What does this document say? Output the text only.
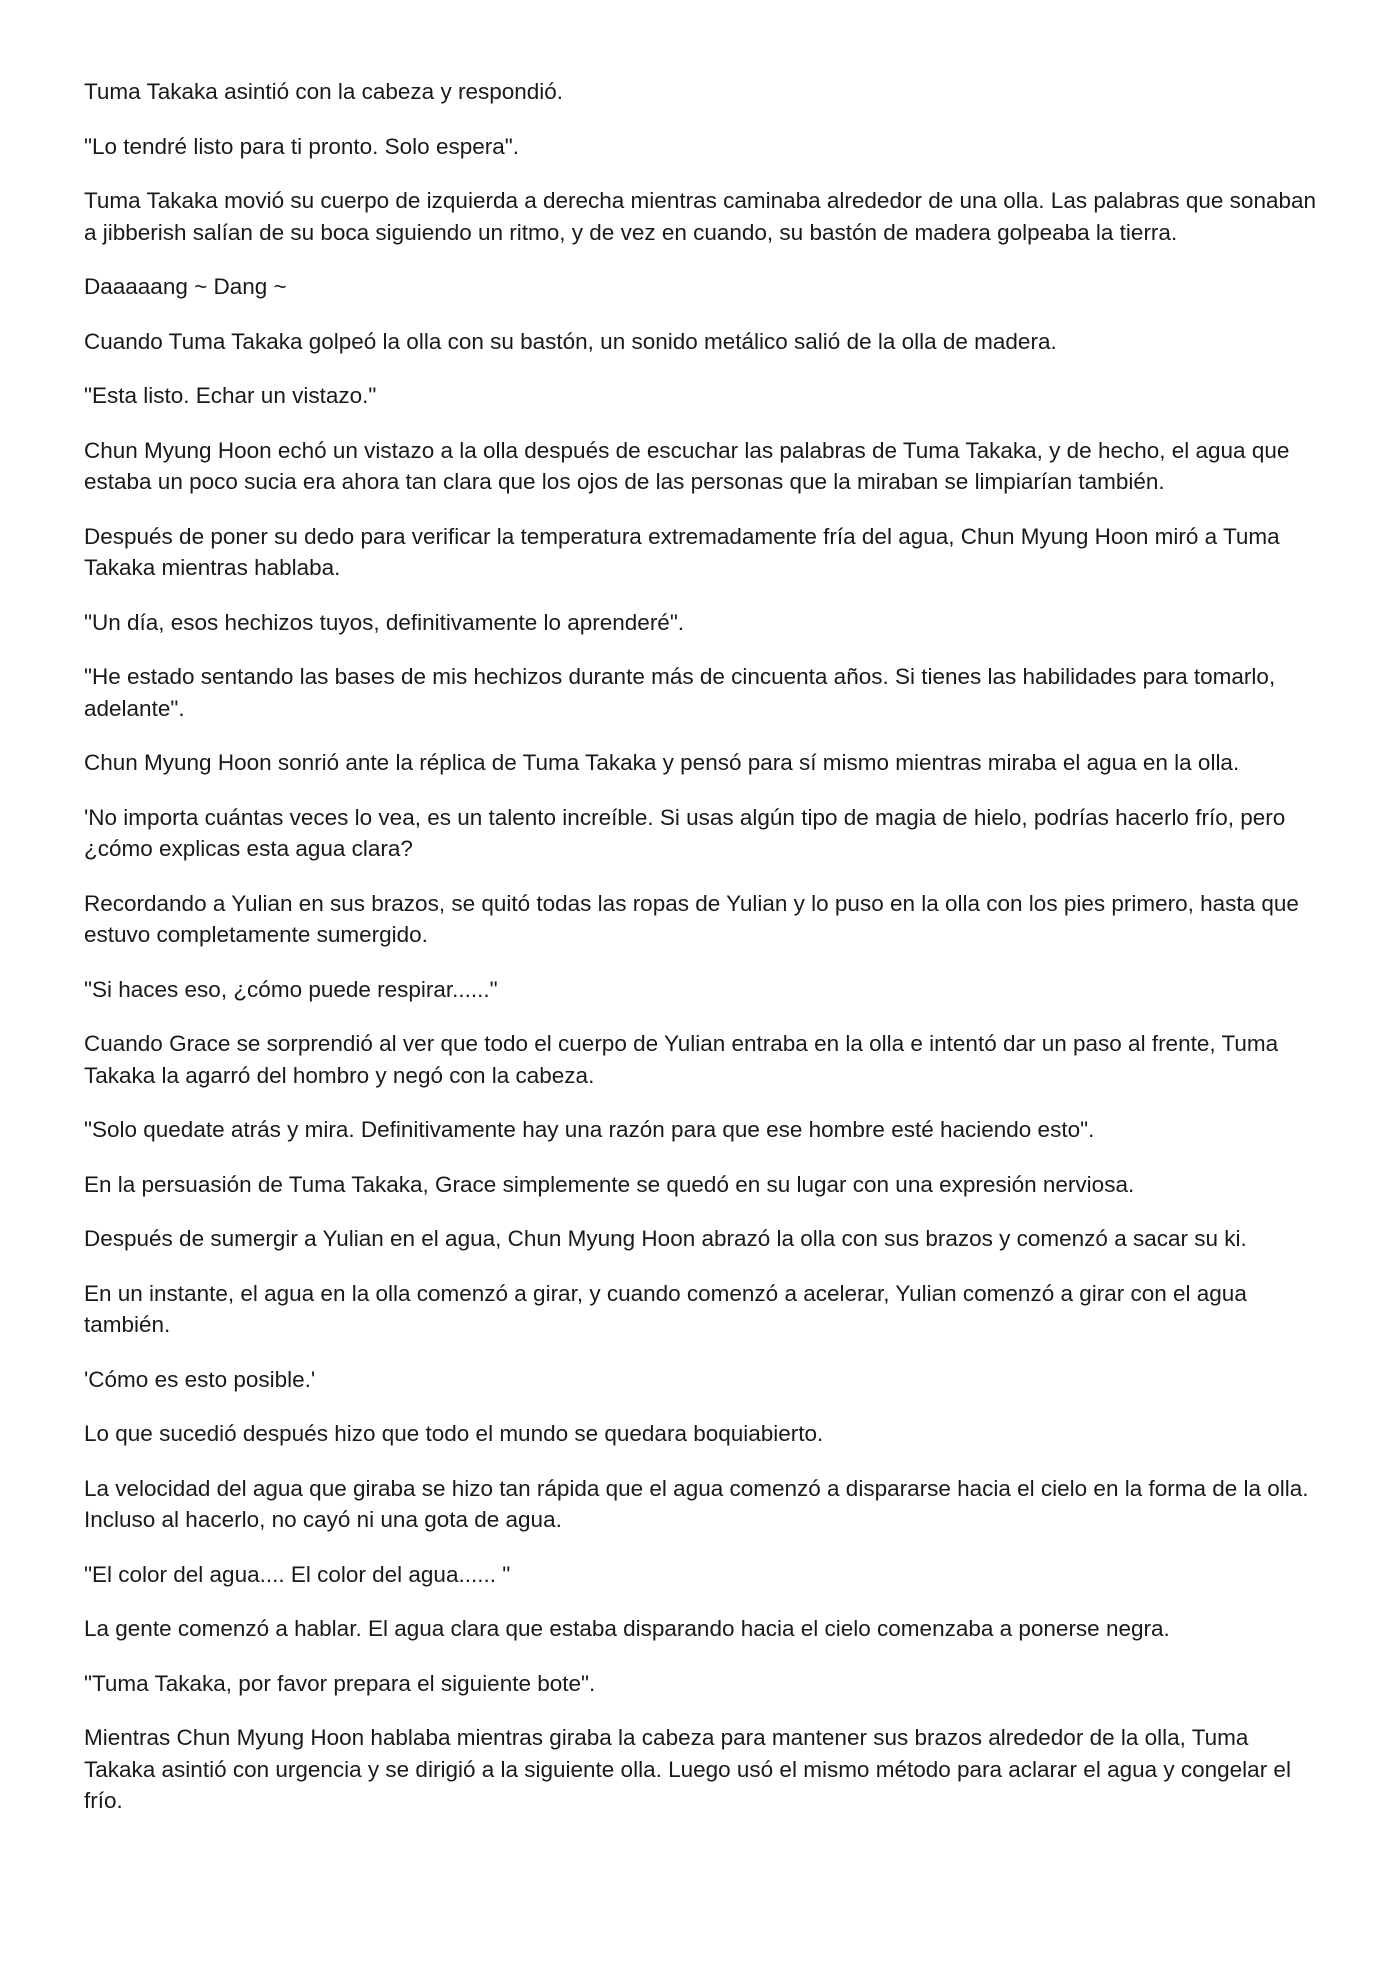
Tuma Takaka asintió con la cabeza y respondió.

"Lo tendré listo para ti pronto. Solo espera".

Tuma Takaka movió su cuerpo de izquierda a derecha mientras caminaba alrededor de una olla. Las palabras que sonaban a jibberish salían de su boca siguiendo un ritmo, y de vez en cuando, su bastón de madera golpeaba la tierra.

Daaaaang ~ Dang ~

Cuando Tuma Takaka golpeó la olla con su bastón, un sonido metálico salió de la olla de madera.

"Esta listo. Echar un vistazo."

Chun Myung Hoon echó un vistazo a la olla después de escuchar las palabras de Tuma Takaka, y de hecho, el agua que estaba un poco sucia era ahora tan clara que los ojos de las personas que la miraban se limpiarían también.

Después de poner su dedo para verificar la temperatura extremadamente fría del agua, Chun Myung Hoon miró a Tuma Takaka mientras hablaba.

"Un día, esos hechizos tuyos, definitivamente lo aprenderé".

"He estado sentando las bases de mis hechizos durante más de cincuenta años. Si tienes las habilidades para tomarlo, adelante".

Chun Myung Hoon sonrió ante la réplica de Tuma Takaka y pensó para sí mismo mientras miraba el agua en la olla.

'No importa cuántas veces lo vea, es un talento increíble. Si usas algún tipo de magia de hielo, podrías hacerlo frío, pero ¿cómo explicas esta agua clara?

Recordando a Yulian en sus brazos, se quitó todas las ropas de Yulian y lo puso en la olla con los pies primero, hasta que estuvo completamente sumergido.

"Si haces eso, ¿cómo puede respirar......"

Cuando Grace se sorprendió al ver que todo el cuerpo de Yulian entraba en la olla e intentó dar un paso al frente, Tuma Takaka la agarró del hombro y negó con la cabeza.

"Solo quedate atrás y mira. Definitivamente hay una razón para que ese hombre esté haciendo esto".

En la persuasión de Tuma Takaka, Grace simplemente se quedó en su lugar con una expresión nerviosa.

Después de sumergir a Yulian en el agua, Chun Myung Hoon abrazó la olla con sus brazos y comenzó a sacar su ki.

En un instante, el agua en la olla comenzó a girar, y cuando comenzó a acelerar, Yulian comenzó a girar con el agua también.

'Cómo es esto posible.'

Lo que sucedió después hizo que todo el mundo se quedara boquiabierto.

La velocidad del agua que giraba se hizo tan rápida que el agua comenzó a dispararse hacia el cielo en la forma de la olla. Incluso al hacerlo, no cayó ni una gota de agua.

"El color del agua.... El color del agua...... "

La gente comenzó a hablar. El agua clara que estaba disparando hacia el cielo comenzaba a ponerse negra.

"Tuma Takaka, por favor prepara el siguiente bote".

Mientras Chun Myung Hoon hablaba mientras giraba la cabeza para mantener sus brazos alrededor de la olla, Tuma Takaka asintió con urgencia y se dirigió a la siguiente olla. Luego usó el mismo método para aclarar el agua y congelar el frío.
